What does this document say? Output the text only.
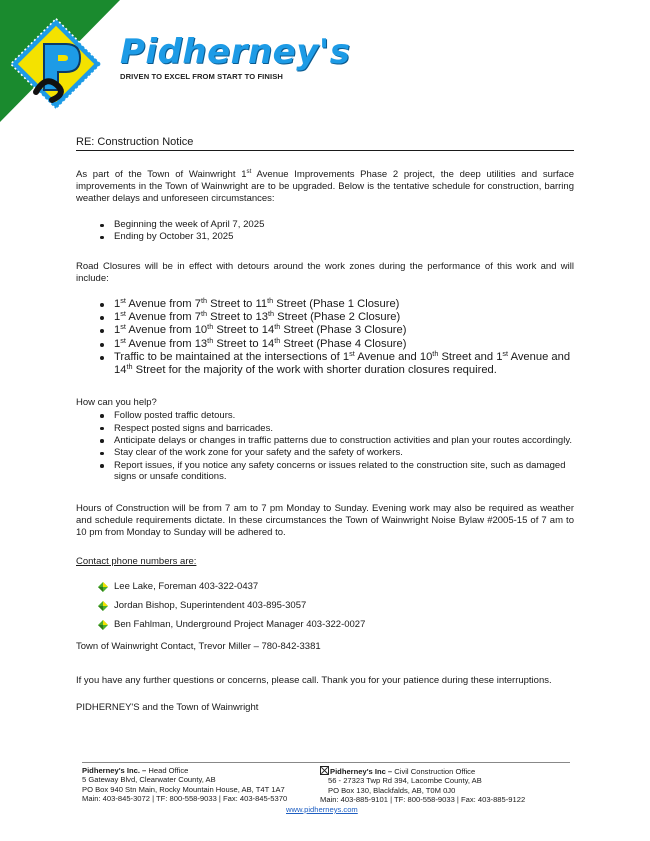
Pidherney's
DRIVEN TO EXCEL FROM START TO FINISH
RE: Construction Notice

As part of the Town of Wainwright 1st Avenue Improvements Phase 2 project, the deep utilities and surface improvements in the Town of Wainwright are to be upgraded. Below is the tentative schedule for construction, barring weather delays and unforeseen circumstances:

Beginning the week of April 7, 2025
Ending by October 31, 2025

Road Closures will be in effect with detours around the work zones during the performance of this work and will include:

1st Avenue from 7th Street to 11th Street (Phase 1 Closure)
1st Avenue from 7th Street to 13th Street (Phase 2 Closure)
1st Avenue from 10th Street to 14th Street (Phase 3 Closure)
1st Avenue from 13th Street to 14th Street (Phase 4 Closure)
Traffic to be maintained at the intersections of 1st Avenue and 10th Street and 1st Avenue and 14th Street for the majority of the work with shorter duration closures required.

How can you help?

Follow posted traffic detours.
Respect posted signs and barricades.
Anticipate delays or changes in traffic patterns due to construction activities and plan your routes accordingly.
Stay clear of the work zone for your safety and the safety of workers.
Report issues, if you notice any safety concerns or issues related to the construction site, such as damaged signs or unsafe conditions.

Hours of Construction will be from 7 am to 7 pm Monday to Sunday. Evening work may also be required as weather and schedule requirements dictate. In these circumstances the Town of Wainwright Noise Bylaw #2005-15 of 7 am to 10 pm from Monday to Sunday will be adhered to.

Contact phone numbers are:

Lee Lake, Foreman 403-322-0437
Jordan Bishop, Superintendent 403-895-3057
Ben Fahlman, Underground Project Manager 403-322-0027

Town of Wainwright Contact, Trevor Miller – 780-842-3381

If you have any further questions or concerns, please call. Thank you for your patience during these interruptions.

PIDHERNEY'S and the Town of Wainwright

Pidherney's Inc. – Head Office
5 Gateway Blvd, Clearwater County, AB
PO Box 940 Stn Main, Rocky Mountain House, AB, T4T 1A7
Main: 403-845-3072 | TF: 800-558-9033 | Fax: 403-845-5370
Pidherney's Inc – Civil Construction Office
56 - 27323 Twp Rd 394, Lacombe County, AB
PO Box 130, Blackfalds, AB, T0M 0J0
Main: 403-885-9101 | TF: 800-558-9033 | Fax: 403-885-9122
www.pidherneys.com
